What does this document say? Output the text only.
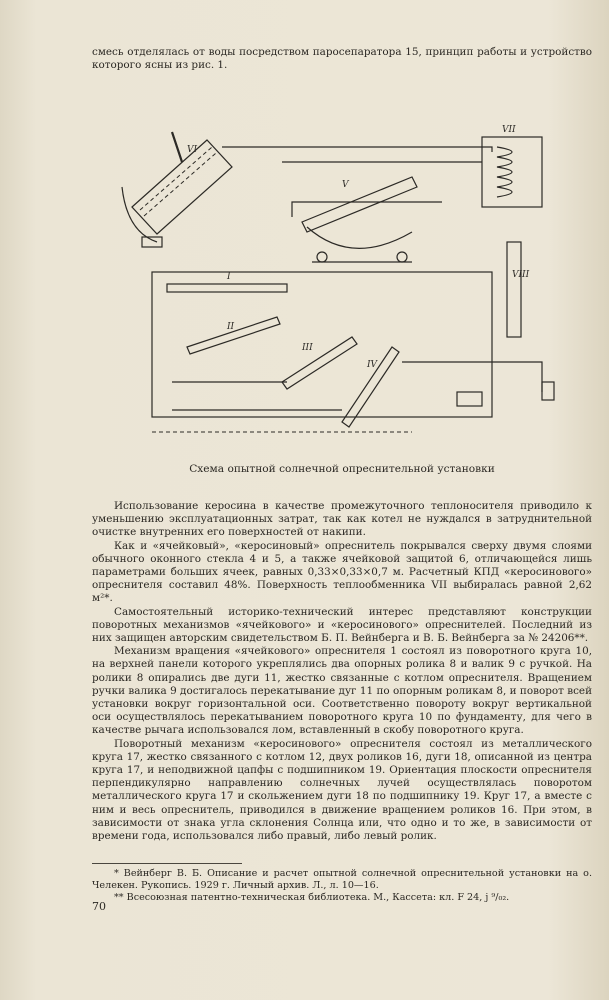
смесь отделялась от воды посредством паросепаратора 15, принцип работы и устройство которого ясны из рис. 1.

VII
VI
V
VIII
I
II
III
IV
Схема опытной солнечной опреснительной установки

Использование керосина в качестве промежуточного теплоносителя приводило к уменьшению эксплуатационных затрат, так как котел не нуждался в затруднительной очистке внутренних его поверхностей от накипи.

Как и «ячейковый», «керосиновый» опреснитель покрывался сверху двумя слоями обычного оконного стекла 4 и 5, а также ячейковой защитой 6, отличающейся лишь параметрами больших ячеек, равных 0,33×0,33×0,7 м. Расчетный КПД «керосинового» опреснителя составил 48%. Поверхность теплообменника VII выбиралась равной 2,62 м²*.

Самостоятельный историко-технический интерес представляют конструкции поворотных механизмов «ячейкового» и «керосинового» опреснителей. Последний из них защищен авторским свидетельством Б. П. Вейнберга и В. Б. Вейнберга за № 24206**.

Механизм вращения «ячейкового» опреснителя 1 состоял из поворотного круга 10, на верхней панели которого укреплялись два опорных ролика 8 и валик 9 с ручкой. На ролики 8 опирались две дуги 11, жестко связанные с котлом опреснителя. Вращением ручки валика 9 достигалось перекатывание дуг 11 по опорным роликам 8, и поворот всей установки вокруг горизонтальной оси. Соответственно повороту вокруг вертикальной оси осуществлялось перекатыванием поворотного круга 10 по фундаменту, для чего в качестве рычага использовался лом, вставленный в скобу поворотного круга.

Поворотный механизм «керосинового» опреснителя состоял из металлического круга 17, жестко связанного с котлом 12, двух роликов 16, дуги 18, описанной из центра круга 17, и неподвижной цапфы с подшипником 19. Ориентация плоскости опреснителя перпендикулярно направлению солнечных лучей осуществлялась поворотом металлического круга 17 и скольжением дуги 18 по подшипнику 19. Круг 17, а вместе с ним и весь опреснитель, приводился в движение вращением роликов 16. При этом, в зависимости от знака угла склонения Солнца или, что одно и то же, в зависимости от времени года, использовался либо правый, либо левый ролик.

* Вейнберг В. Б. Описание и расчет опытной солнечной опреснительной установки на о. Челекен. Рукопись. 1929 г. Личный архив. Л., л. 10—16.

** Всесоюзная патентно-техническая библиотека. М., Кассета: кл. F 24, j ⁹/₀₂.

70
